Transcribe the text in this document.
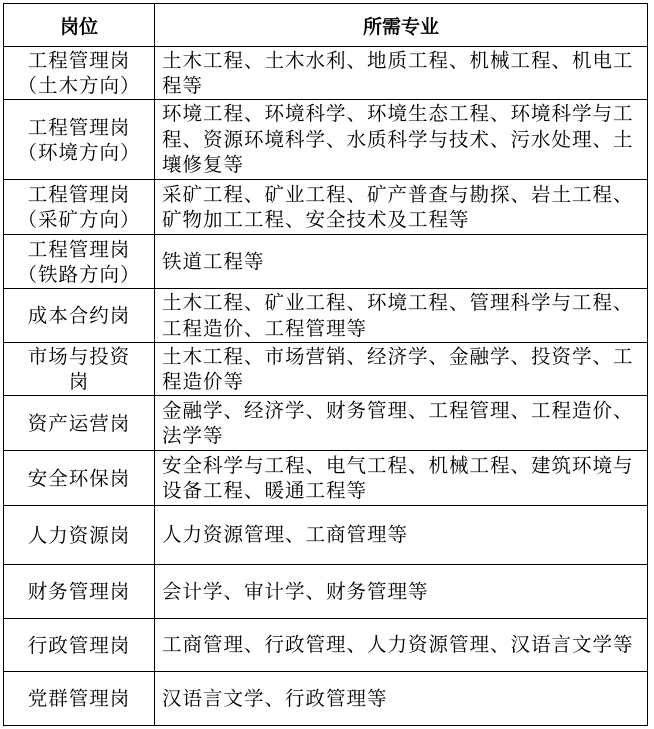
岗位	所需专业

工程管理岗
（土木方向）	土木工程、土木水利、地质工程、机械工程、机电工程等

工程管理岗
（环境方向）	环境工程、环境科学、环境生态工程、环境科学与工程、资源环境科学、水质科学与技术、污水处理、土壤修复等

工程管理岗
（采矿方向）	采矿工程、矿业工程、矿产普查与勘探、岩土工程、矿物加工工程、安全技术及工程等

工程管理岗
（铁路方向）	铁道工程等

成本合约岗	土木工程、矿业工程、环境工程、管理科学与工程、工程造价、工程管理等

市场与投资
岗	土木工程、市场营销、经济学、金融学、投资学、工程造价等

资产运营岗	金融学、经济学、财务管理、工程管理、工程造价、法学等

安全环保岗	安全科学与工程、电气工程、机械工程、建筑环境与设备工程、暖通工程等

人力资源岗	人力资源管理、工商管理等

财务管理岗	会计学、审计学、财务管理等

行政管理岗	工商管理、行政管理、人力资源管理、汉语言文学等

党群管理岗	汉语言文学、行政管理等
